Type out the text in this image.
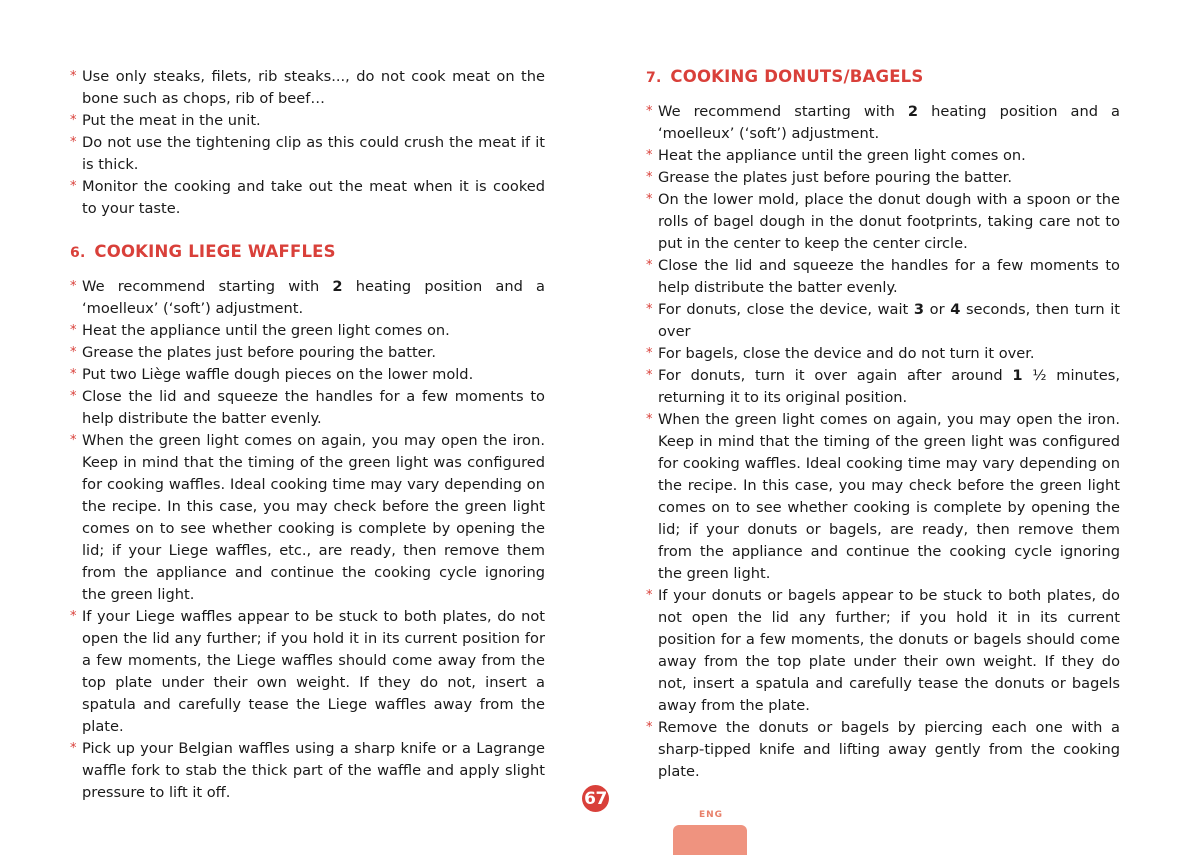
* Use only steaks, filets, rib steaks..., do not cook meat on the bone such as chops, rib of beef…
* Put the meat in the unit.
* Do not use the tightening clip as this could crush the meat if it is thick.
* Monitor the cooking and take out the meat when it is cooked to your taste.
6. COOKING LIEGE WAFFLES
* We recommend starting with 2 heating position and a ‘moelleux’ (‘soft’) adjustment.
* Heat the appliance until the green light comes on.
* Grease the plates just before pouring the batter.
* Put two Liège waffle dough pieces on the lower mold.
* Close the lid and squeeze the handles for a few moments to help distribute the batter evenly.
* When the green light comes on again, you may open the iron. Keep in mind that the timing of the green light was configured for cooking waffles. Ideal cooking time may vary depending on the recipe. In this case, you may check before the green light comes on to see whether cooking is complete by opening the lid; if your Liege waffles, etc., are ready, then remove them from the appliance and continue the cooking cycle ignoring the green light.
* If your Liege waffles appear to be stuck to both plates, do not open the lid any further; if you hold it in its current position for a few moments, the Liege waffles should come away from the top plate under their own weight. If they do not, insert a spatula and carefully tease the Liege waffles away from the plate.
* Pick up your Belgian waffles using a sharp knife or a Lagrange waffle fork to stab the thick part of the waffle and apply slight pressure to lift it off.
7. COOKING DONUTS/BAGELS
* We recommend starting with 2 heating position and a ‘moelleux’ (‘soft’) adjustment.
* Heat the appliance until the green light comes on.
* Grease the plates just before pouring the batter.
* On the lower mold, place the donut dough with a spoon or the rolls of bagel dough in the donut footprints, taking care not to put in the center to keep the center circle.
* Close the lid and squeeze the handles for a few moments to help distribute the batter evenly.
* For donuts, close the device, wait 3 or 4 seconds, then turn it over
* For bagels, close the device and do not turn it over.
* For donuts, turn it over again after around 1 ½ minutes, returning it to its original position.
* When the green light comes on again, you may open the iron. Keep in mind that the timing of the green light was configured for cooking waffles. Ideal cooking time may vary depending on the recipe. In this case, you may check before the green light comes on to see whether cooking is complete by opening the lid; if your donuts or bagels, are ready, then remove them from the appliance and continue the cooking cycle ignoring the green light.
* If your donuts or bagels appear to be stuck to both plates, do not open the lid any further; if you hold it in its current position for a few moments, the donuts or bagels should come away from the top plate under their own weight. If they do not, insert a spatula and carefully tease the donuts or bagels away from the plate.
* Remove the donuts or bagels by piercing each one with a sharp-tipped knife and lifting away gently from the cooking plate.
67
ENG
